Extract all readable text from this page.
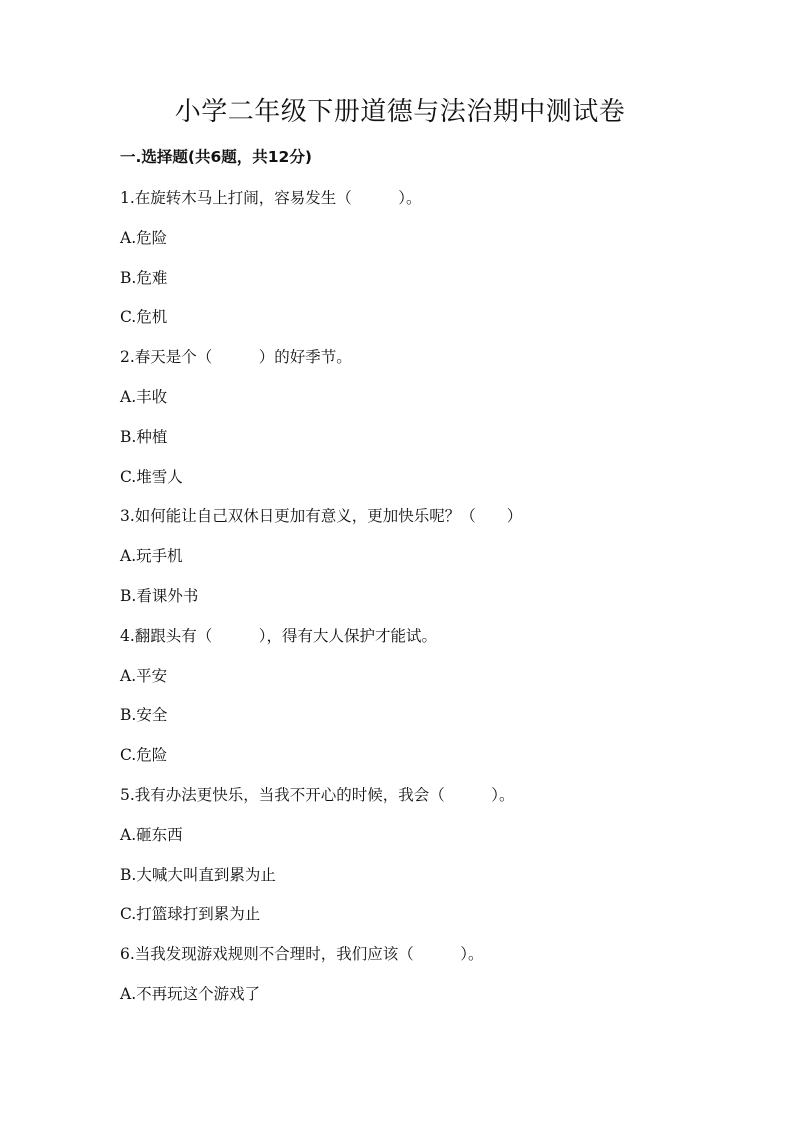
小学二年级下册道德与法治期中测试卷
一.选择题(共6题，共12分)
1.在旋转木马上打闹，容易发生（　　　）。
A.危险
B.危难
C.危机
2.春天是个（　　　）的好季节。
A.丰收
B.种植
C.堆雪人
3.如何能让自己双休日更加有意义，更加快乐呢？（　　）
A.玩手机
B.看课外书
4.翻跟头有（　　　），得有大人保护才能试。
A.平安
B.安全
C.危险
5.我有办法更快乐，当我不开心的时候，我会（　　　）。
A.砸东西
B.大喊大叫直到累为止
C.打篮球打到累为止
6.当我发现游戏规则不合理时，我们应该（　　　）。
A.不再玩这个游戏了
